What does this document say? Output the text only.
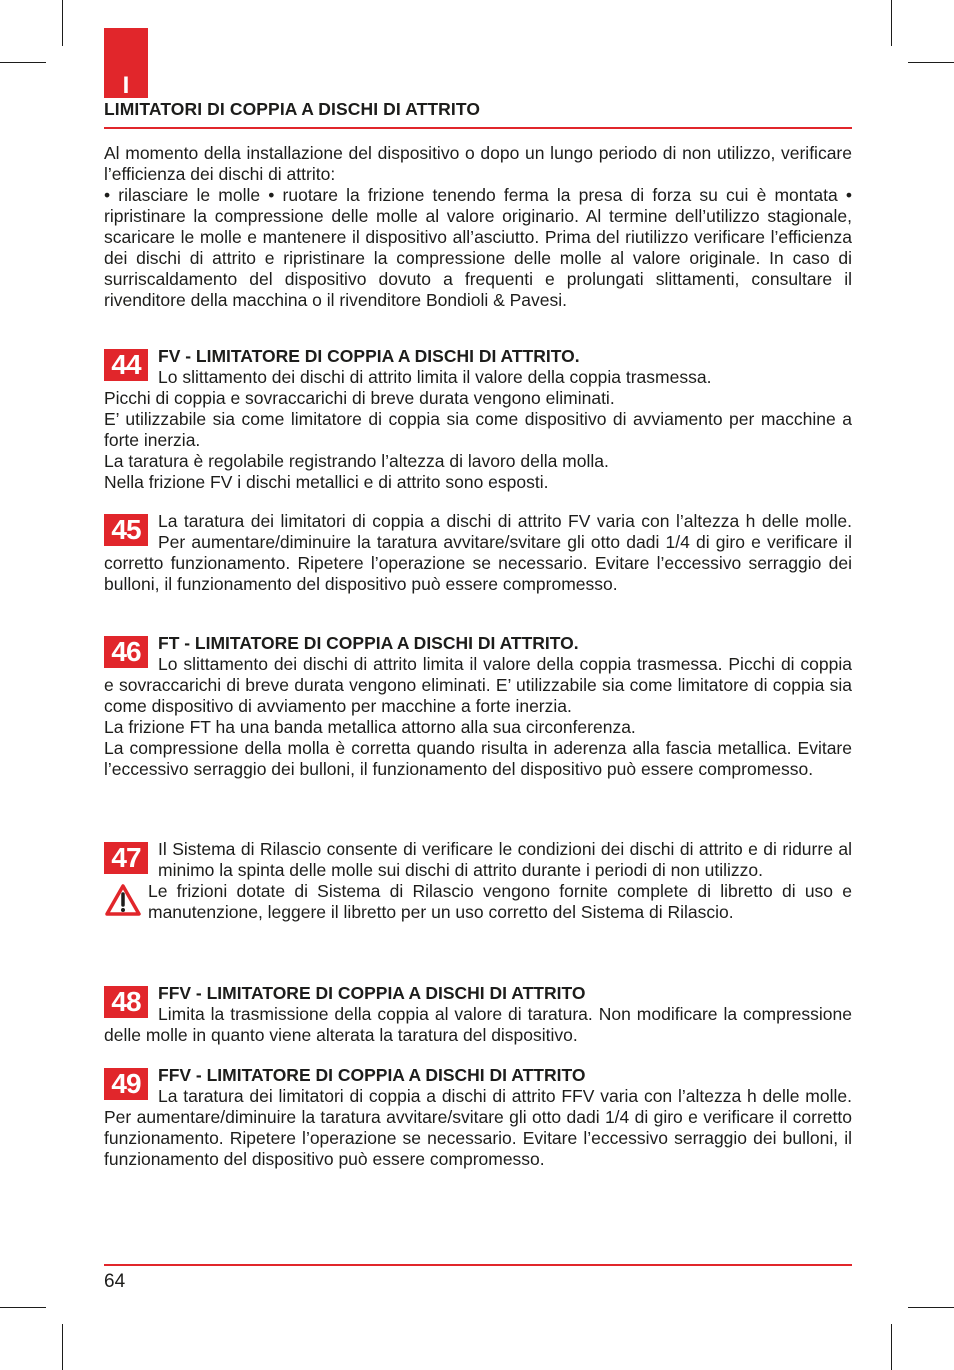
I
LIMITATORI DI COPPIA A DISCHI DI ATTRITO

Al momento della installazione del dispositivo o dopo un lungo periodo di non utilizzo, verificare l’efficienza dei dischi di attrito:

• rilasciare le molle • ruotare la frizione tenendo ferma la presa di forza su cui è montata • ripristinare la compressione delle molle al valore originario. Al termine dell’utilizzo stagionale, scaricare le molle e mantenere il dispositivo all’asciutto. Prima del riutilizzo verificare l’efficienza dei dischi di attrito e ripristinare la compressione delle molle al valore originale. In caso di surriscaldamento del dispositivo dovuto a frequenti e prolungati slittamenti, consultare il rivenditore della macchina o il rivenditore Bondioli & Pavesi.

44 FV - LIMITATORE DI COPPIA A DISCHI DI ATTRITO.

Lo slittamento dei dischi di attrito limita il valore della coppia trasmessa.

Picchi di coppia e sovraccarichi di breve durata vengono eliminati.

E’ utilizzabile sia come limitatore di coppia sia come dispositivo di avviamento per macchine a forte inerzia.

La taratura è regolabile registrando l’altezza di lavoro della molla.

Nella frizione FV i dischi metallici e di attrito sono esposti.

45 La taratura dei limitatori di coppia a dischi di attrito FV varia con l’altezza h delle molle. Per aumentare/diminuire la taratura avvitare/svitare gli otto dadi 1/4 di giro e verificare il corretto funzionamento. Ripetere l’operazione se necessario. Evitare l’eccessivo serraggio dei bulloni, il funzionamento del dispositivo può essere compromesso.

46 FT - LIMITATORE DI COPPIA A DISCHI DI ATTRITO.

Lo slittamento dei dischi di attrito limita il valore della coppia trasmessa. Picchi di coppia e sovraccarichi di breve durata vengono eliminati. E’ utilizzabile sia come limitatore di coppia sia come dispositivo di avviamento per macchine a forte inerzia.

La frizione FT ha una banda metallica attorno alla sua circonferenza.

La compressione della molla è corretta quando risulta in aderenza alla fascia metallica. Evitare l’eccessivo serraggio dei bulloni, il funzionamento del dispositivo può essere compromesso.

47 Il Sistema di Rilascio consente di verificare le condizioni dei dischi di attrito e di ridurre al minimo la spinta delle molle sui dischi di attrito durante i periodi di non utilizzo.

Le frizioni dotate di Sistema di Rilascio vengono fornite complete di libretto di uso e manutenzione, leggere il libretto per un uso corretto del Sistema di Rilascio.

48 FFV - LIMITATORE DI COPPIA A DISCHI DI ATTRITO

Limita la trasmissione della coppia al valore di taratura. Non modificare la compressione delle molle in quanto viene alterata la taratura del dispositivo.

49 FFV - LIMITATORE DI COPPIA A DISCHI DI ATTRITO

La taratura dei limitatori di coppia a dischi di attrito FFV varia con l’altezza h delle molle. Per aumentare/diminuire la taratura avvitare/svitare gli otto dadi 1/4 di giro e verificare il corretto funzionamento. Ripetere l’operazione se necessario. Evitare l’eccessivo serraggio dei bulloni, il funzionamento del dispositivo può essere compromesso.

64
